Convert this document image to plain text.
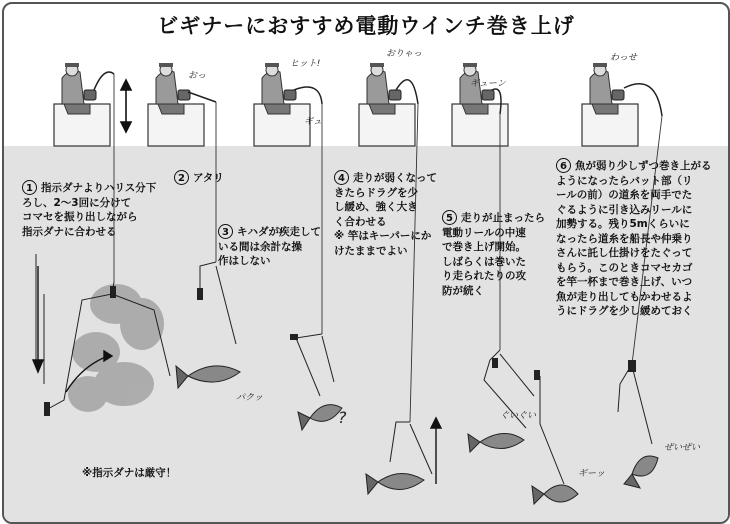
ビギナーにおすすめ電動ウインチ巻き上げ
1 指示ダナよりハリス分下
ろし、2～3回に分けて
コマセを振り出しながら
指示ダナに合わせる
2 アタリ
3 キハダが疾走して
いる間は余計な操
作はしない
4 走りが弱くなって
きたらドラグを少
し緩め、強く大き
く合わせる
※ 竿はキーパーにか
けたままでよい
5 走りが止まったら
電動リールの中速
で巻き上げ開始。
しばらくは巻いた
り走られたりの攻
防が続く
6 魚が弱り少しずつ巻き上がる
ようになったらバット部（リ
ールの前）の道糸を両手でた
ぐるように引き込みリールに
加勢する。残り5mくらいに
なったら道糸を船長や仲乗り
さんに託し仕掛けをたぐって
もらう。このときコマセカゴ
を竿一杯まで巻き上げ、いつ
魚が走り出してもかわせるよ
うにドラグを少し緩めておく
おっ
ヒット!
ギュ
おりゃっ
ギューン
パクッ
?	ぐいぐい
ギーッ
ぜいぜい
わっせ
※指示ダナは厳守！
